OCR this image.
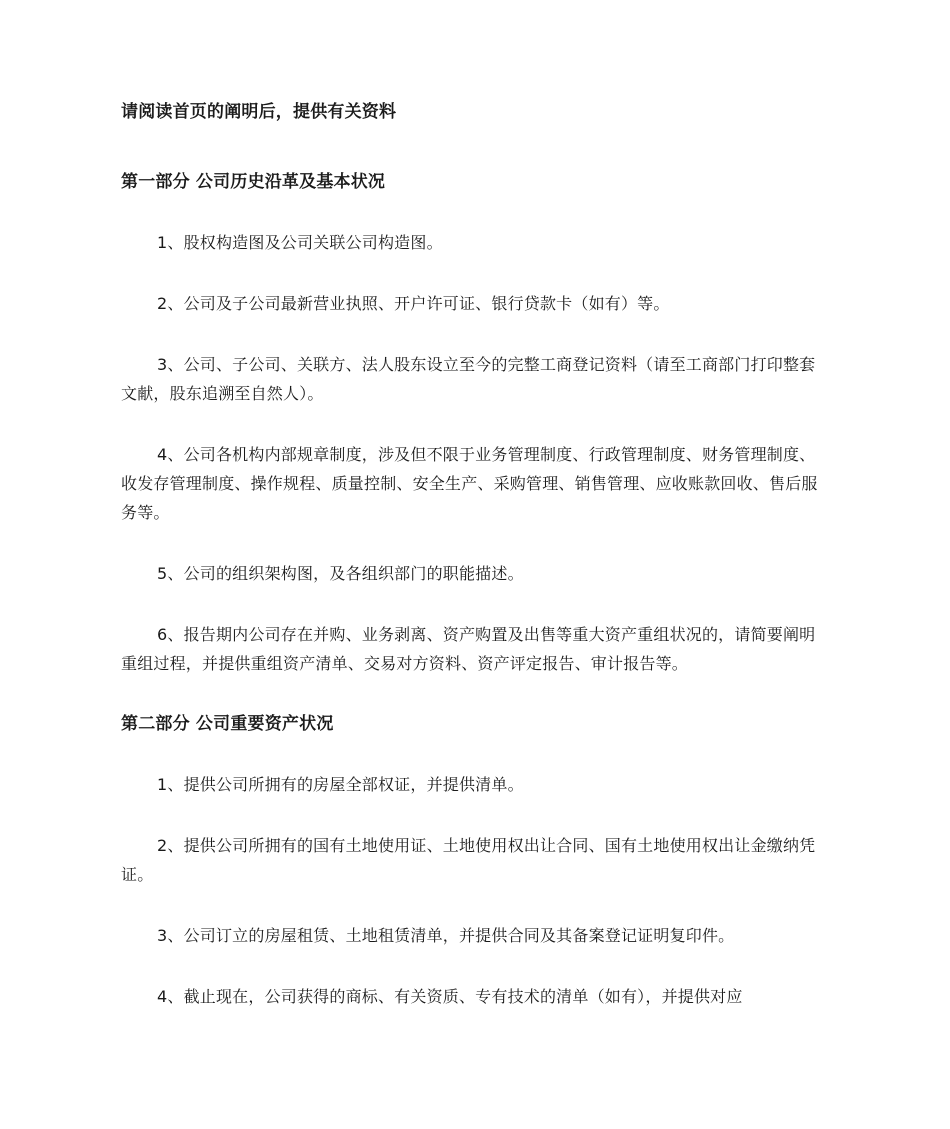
请阅读首页的阐明后，提供有关资料

第一部分 公司历史沿革及基本状况

1、股权构造图及公司关联公司构造图。

2、公司及子公司最新营业执照、开户许可证、银行贷款卡（如有）等。

3、公司、子公司、关联方、法人股东设立至今的完整工商登记资料（请至工商部门打印整套文献，股东追溯至自然人）。

4、公司各机构内部规章制度，涉及但不限于业务管理制度、行政管理制度、财务管理制度、收发存管理制度、操作规程、质量控制、安全生产、采购管理、销售管理、应收账款回收、售后服务等。

5、公司的组织架构图，及各组织部门的职能描述。

6、报告期内公司存在并购、业务剥离、资产购置及出售等重大资产重组状况的，请简要阐明重组过程，并提供重组资产清单、交易对方资料、资产评定报告、审计报告等。

第二部分 公司重要资产状况

1、提供公司所拥有的房屋全部权证，并提供清单。

2、提供公司所拥有的国有土地使用证、土地使用权出让合同、国有土地使用权出让金缴纳凭证。

3、公司订立的房屋租赁、土地租赁清单，并提供合同及其备案登记证明复印件。

4、截止现在，公司获得的商标、有关资质、专有技术的清单（如有），并提供对应
